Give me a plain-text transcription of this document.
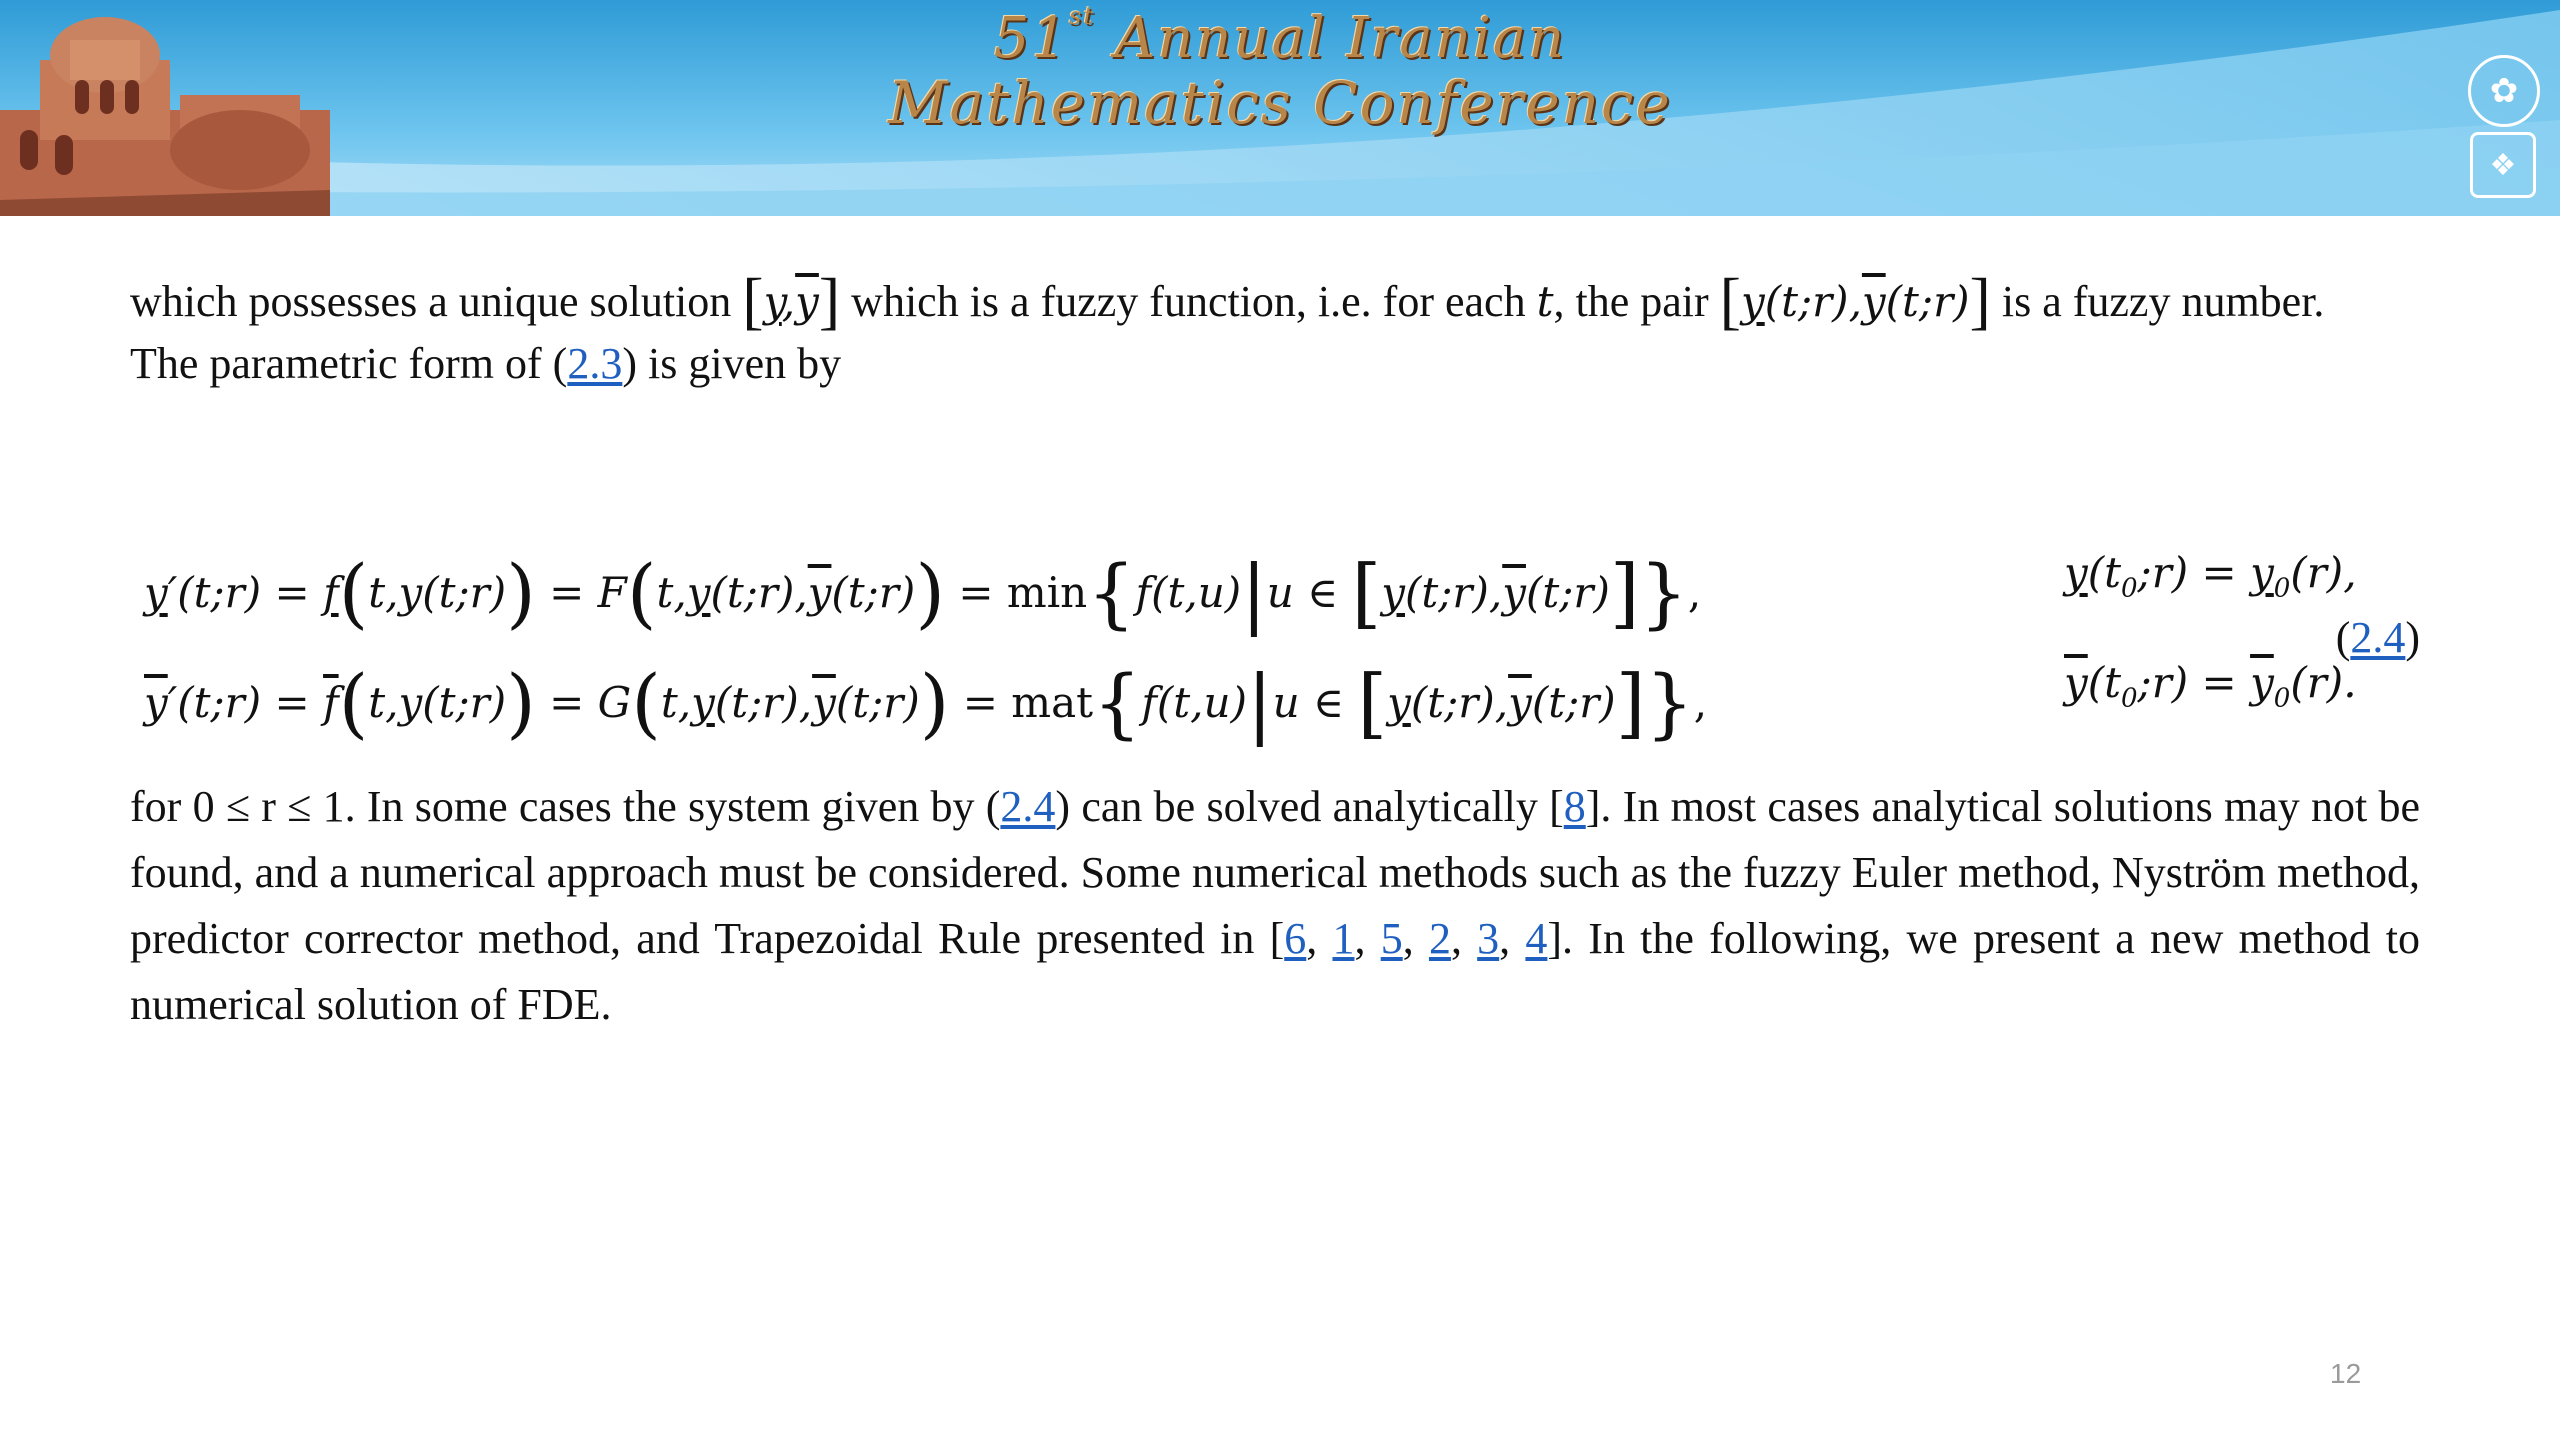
51st Annual Iranian
Mathematics Conference	✿
❖

which possesses a unique solution $[y,\overline{y}]$ which is a fuzzy function, i.e. for each t, the pair $[y(t;r),\overline{y}(t;r)]$ is a fuzzy number.

The parametric form of (2.3) is given by

y′(t;r) = f(t,y(t;r)) = $F(t,y(t;r),\overline{y}(t;r)) = \min\{f(t,u)|u$ ∈ $[y(t;r),\overline{y}(t;r)]$},	$y(t_0;r) = y_0(r)$,
$\overline{y}'(t;r)$ = $\overline{f}(t,y(t;r))$ = $G(t,y(t;r),\overline{y}(t;r)) = mat\{f(t,u)|u$ ∈ $[y(t;r),\overline{y}(t;r)]$},	$\overline{y}(t_0;r) = \overline{y}_0(r)$.
(2.4)

for 0 ≤ r ≤ 1. In some cases the system given by (2.4) can be solved analytically [8]. In most cases analytical solutions may not be found, and a numerical approach must be considered. Some numerical methods such as the fuzzy Euler method, Nyström method, predictor corrector method, and Trapezoidal Rule presented in [6, 1, 5, 2, 3, 4]. In the following, we present a new method to numerical solution of FDE.

12
